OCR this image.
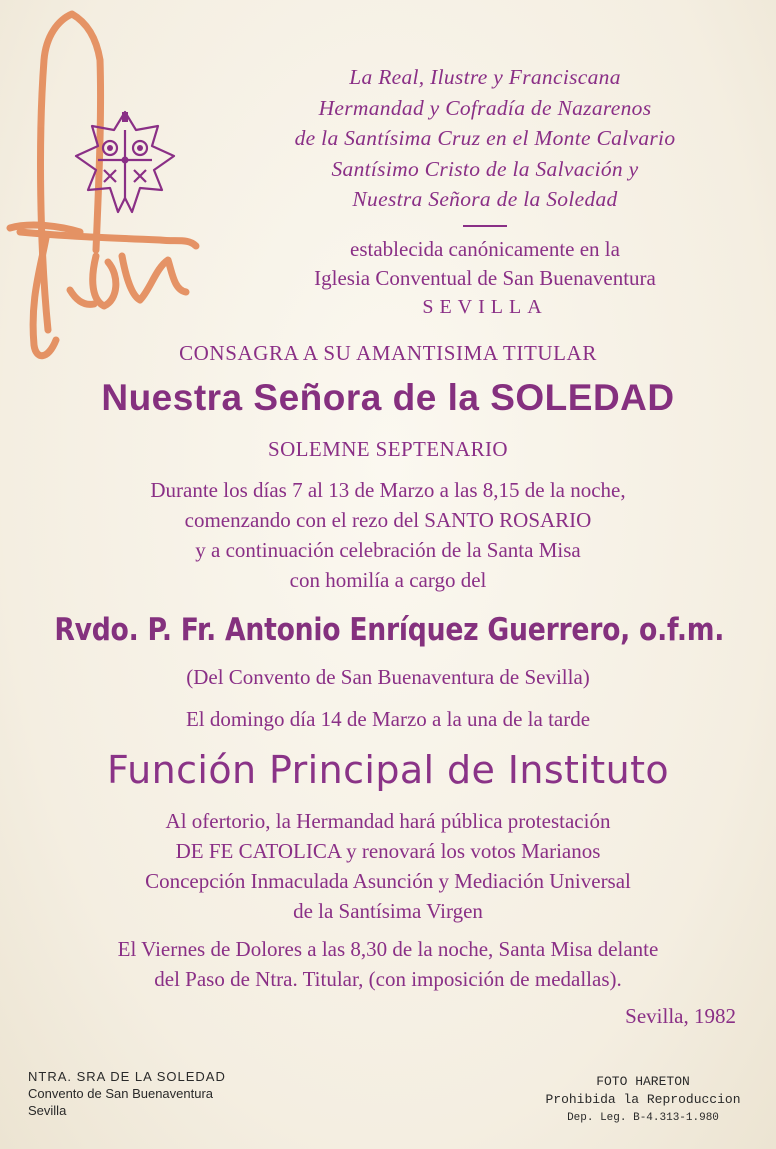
La Real, Ilustre y Franciscana
Hermandad y Cofradía de Nazarenos
de la Santísima Cruz en el Monte Calvario
Santísimo Cristo de la Salvación y
Nuestra Señora de la Soledad
establecida canónicamente en la
Iglesia Conventual de San Buenaventura
SEVILLA
CONSAGRA A SU AMANTISIMA TITULAR
Nuestra Señora de la SOLEDAD
SOLEMNE SEPTENARIO
Durante los días 7 al 13 de Marzo a las 8,15 de la noche,
comenzando con el rezo del SANTO ROSARIO
y a continuación celebración de la Santa Misa
con homilía a cargo del
Rvdo. P. Fr. Antonio Enríquez Guerrero, o.f.m.
(Del Convento de San Buenaventura de Sevilla)
El domingo día 14 de Marzo a la una de la tarde
Función Principal de Instituto
Al ofertorio, la Hermandad hará pública protestación
DE FE CATOLICA y renovará los votos Marianos
Concepción Inmaculada Asunción y Mediación Universal
de la Santísima Virgen
El Viernes de Dolores a las 8,30 de la noche, Santa Misa delante
del Paso de Ntra. Titular, (con imposición de medallas).
Sevilla, 1982
NTRA. SRA DE LA SOLEDAD
Convento de San Buenaventura
Sevilla
FOTO HARETON
Prohibida la Reproduccion
Dep. Leg. B-4.313-1.980
